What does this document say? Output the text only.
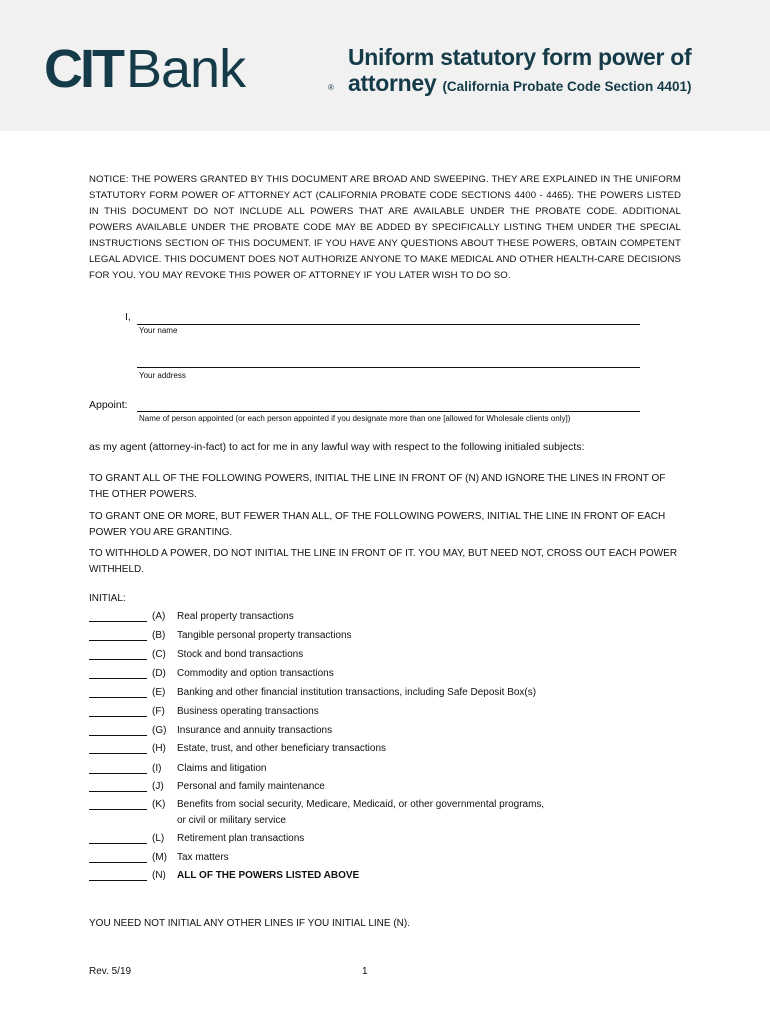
CITBank	®
Uniform statutory form power of attorney (California Probate Code Section 4401)
NOTICE: THE POWERS GRANTED BY THIS DOCUMENT ARE BROAD AND SWEEPING. THEY ARE EXPLAINED IN THE UNIFORM STATUTORY FORM POWER OF ATTORNEY ACT (CALIFORNIA PROBATE CODE SECTIONS 4400 - 4465). THE POWERS LISTED IN THIS DOCUMENT DO NOT INCLUDE ALL POWERS THAT ARE AVAILABLE UNDER THE PROBATE CODE. ADDITIONAL POWERS AVAILABLE UNDER THE PROBATE CODE MAY BE ADDED BY SPECIFICALLY LISTING THEM UNDER THE SPECIAL INSTRUCTIONS SECTION OF THIS DOCUMENT. IF YOU HAVE ANY QUESTIONS ABOUT THESE POWERS, OBTAIN COMPETENT LEGAL ADVICE. THIS DOCUMENT DOES NOT AUTHORIZE ANYONE TO MAKE MEDICAL AND OTHER HEALTH-CARE DECISIONS FOR YOU. YOU MAY REVOKE THIS POWER OF ATTORNEY IF YOU LATER WISH TO DO SO.
I,
Your name
Your address
Appoint:
Name of person appointed (or each person appointed if you designate more than one [allowed for Wholesale clients only])
as my agent (attorney-in-fact) to act for me in any lawful way with respect to the following initialed subjects:
TO GRANT ALL OF THE FOLLOWING POWERS, INITIAL THE LINE IN FRONT OF (N) AND IGNORE THE LINES IN FRONT OF THE OTHER POWERS.
TO GRANT ONE OR MORE, BUT FEWER THAN ALL, OF THE FOLLOWING POWERS, INITIAL THE LINE IN FRONT OF EACH POWER YOU ARE GRANTING.
TO WITHHOLD A POWER, DO NOT INITIAL THE LINE IN FRONT OF IT. YOU MAY, BUT NEED NOT, CROSS OUT EACH POWER WITHHELD.
INITIAL:
(A) Real property transactions
(B) Tangible personal property transactions
(C) Stock and bond transactions
(D) Commodity and option transactions
(E) Banking and other financial institution transactions, including Safe Deposit Box(s)
(F) Business operating transactions
(G) Insurance and annuity transactions
(H) Estate, trust, and other beneficiary transactions
(I) Claims and litigation
(J) Personal and family maintenance
(K) Benefits from social security, Medicare, Medicaid, or other governmental programs, or civil or military service
(L) Retirement plan transactions
(M) Tax matters
(N) ALL OF THE POWERS LISTED ABOVE
YOU NEED NOT INITIAL ANY OTHER LINES IF YOU INITIAL LINE (N).
Rev. 5/19	1
